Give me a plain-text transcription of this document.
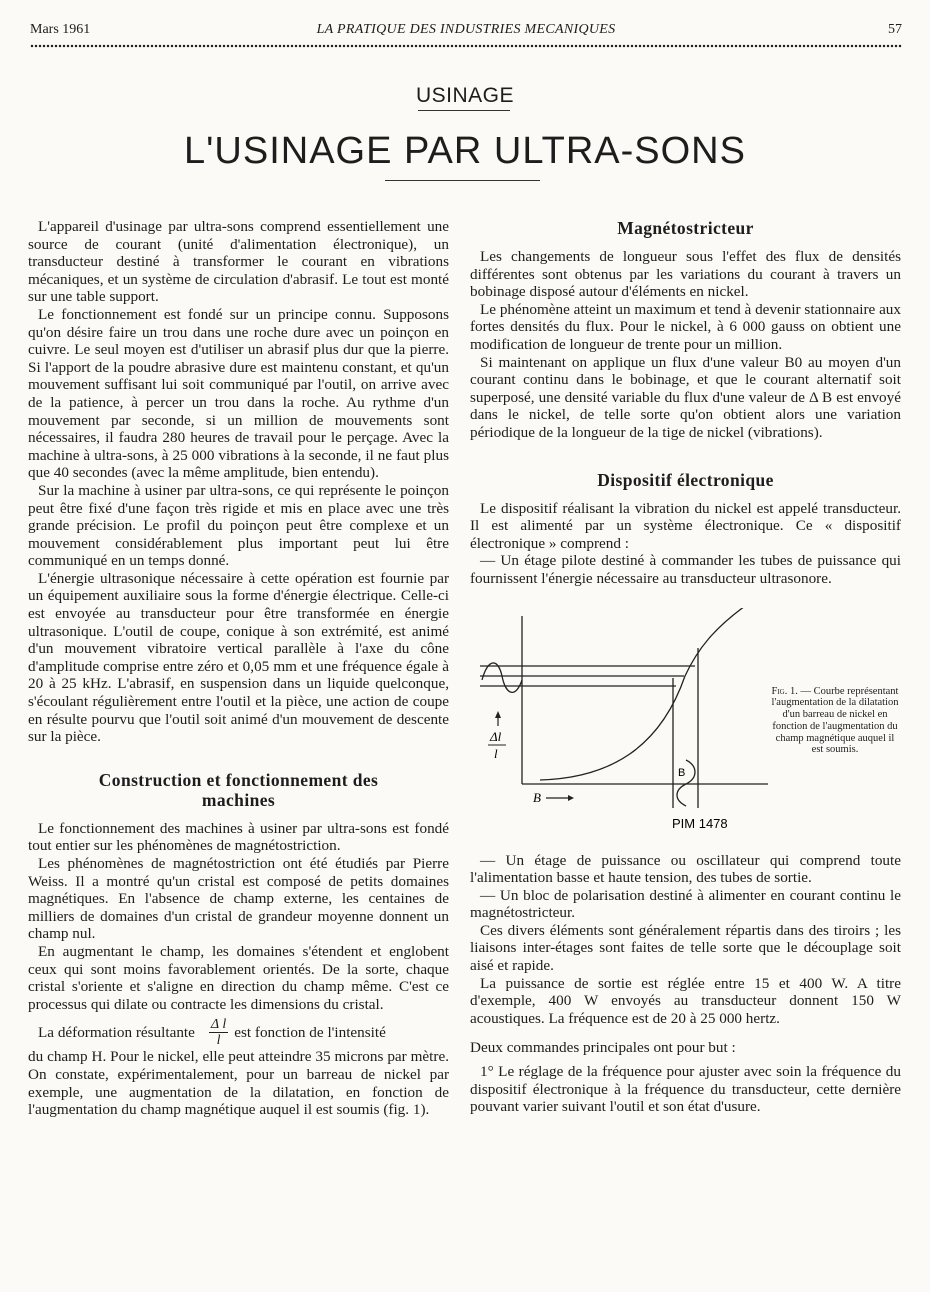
Mars 1961	LA PRATIQUE DES INDUSTRIES MECANIQUES	57
USINAGE
L'USINAGE PAR ULTRA-SONS

L'appareil d'usinage par ultra-sons comprend essentiellement une source de courant (unité d'alimentation électronique), un transducteur destiné à transformer le courant en vibrations mécaniques, et un système de circulation d'abrasif. Le tout est monté sur une table support.

Le fonctionnement est fondé sur un principe connu. Supposons qu'on désire faire un trou dans une roche dure avec un poinçon en cuivre. Le seul moyen est d'utiliser un abrasif plus dur que la pierre. Si l'apport de la poudre abrasive dure est maintenu constant, et qu'un mouvement suffisant lui soit communiqué par l'outil, on arrive avec de la patience, à percer un trou dans la roche. Au rythme d'un mouvement par seconde, si un million de mouvements sont nécessaires, il faudra 280 heures de travail pour le perçage. Avec la machine à ultra-sons, à 25 000 vibrations à la seconde, il ne faut plus que 40 secondes (avec la même amplitude, bien entendu).

Sur la machine à usiner par ultra-sons, ce qui représente le poinçon peut être fixé d'une façon très rigide et mis en place avec une très grande précision. Le profil du poinçon peut être complexe et un mouvement considérablement plus important peut lui être communiqué en un temps donné.

L'énergie ultrasonique nécessaire à cette opération est fournie par un équipement auxiliaire sous la forme d'énergie électrique. Celle-ci est envoyée au transducteur pour être transformée en énergie ultrasonique. L'outil de coupe, conique à son extrémité, est animé d'un mouvement vibratoire vertical parallèle à l'axe du cône d'amplitude comprise entre zéro et 0,05 mm et une fréquence égale à 20 à 25 kHz. L'abrasif, en suspension dans un liquide quelconque, s'écoulant régulièrement entre l'outil et la pièce, une action de coupe en résulte pourvu que l'outil soit animé d'un mouvement de descente sur la pièce.

Construction et fonctionnement des machines

Le fonctionnement des machines à usiner par ultra-sons est fondé tout entier sur les phénomènes de magnétostriction.

Les phénomènes de magnétostriction ont été étudiés par Pierre Weiss. Il a montré qu'un cristal est composé de petits domaines magnétiques. En l'absence de champ externe, les centaines de milliers de domaines d'un cristal de grandeur moyenne donnent un champ nul.

En augmentant le champ, les domaines s'étendent et englobent ceux qui sont moins favorablement orientés. De la sorte, chaque cristal s'oriente et s'aligne en direction du champ même. C'est ce processus qui dilate ou contracte les dimensions du cristal.

La déformation résultante $\frac{\text{Δ l}}{l}$ est fonction de l'intensité

du champ H. Pour le nickel, elle peut atteindre 35 microns par mètre. On constate, expérimentalement, pour un barreau de nickel par exemple, une augmentation de la dilatation, en fonction de l'augmentation du champ magnétique auquel il est soumis (fig. 1).

Magnétostricteur

Les changements de longueur sous l'effet des flux de densités différentes sont obtenus par les variations du courant à travers un bobinage disposé autour d'éléments en nickel.

Le phénomène atteint un maximum et tend à devenir stationnaire aux fortes densités du flux. Pour le nickel, à 6 000 gauss on obtient une modification de longueur de trente pour un million.

Si maintenant on applique un flux d'une valeur B0 au moyen d'un courant continu dans le bobinage, et que le courant alternatif soit superposé, une densité variable du flux d'une valeur de Δ B est envoyé dans le nickel, de telle sorte qu'on obtient alors une variation périodique de la longueur de la tige de nickel (vibrations).

Dispositif électronique

Le dispositif réalisant la vibration du nickel est appelé transducteur. Il est alimenté par un système électronique. Ce « dispositif électronique » comprend :

— Un étage pilote destiné à commander les tubes de puissance qui fournissent l'énergie nécessaire au transducteur ultrasonore.

Δl
l
B
B
PIM 1478
Fig. 1. — Courbe représentant l'augmentation de la dilatation d'un barreau de nickel en fonction de l'augmentation du champ magnétique auquel il est soumis.

— Un étage de puissance ou oscillateur qui comprend toute l'alimentation basse et haute tension, des tubes de sortie.

— Un bloc de polarisation destiné à alimenter en courant continu le magnétostricteur.

Ces divers éléments sont généralement répartis dans des tiroirs ; les liaisons inter-étages sont faites de telle sorte que le découplage soit aisé et rapide.

La puissance de sortie est réglée entre 15 et 400 W. A titre d'exemple, 400 W envoyés au transducteur donnent 150 W acoustiques. La fréquence est de 20 à 25 000 hertz.

Deux commandes principales ont pour but :

1° Le réglage de la fréquence pour ajuster avec soin la fréquence du dispositif électronique à la fréquence du transducteur, cette dernière pouvant varier suivant l'outil et son état d'usure.
